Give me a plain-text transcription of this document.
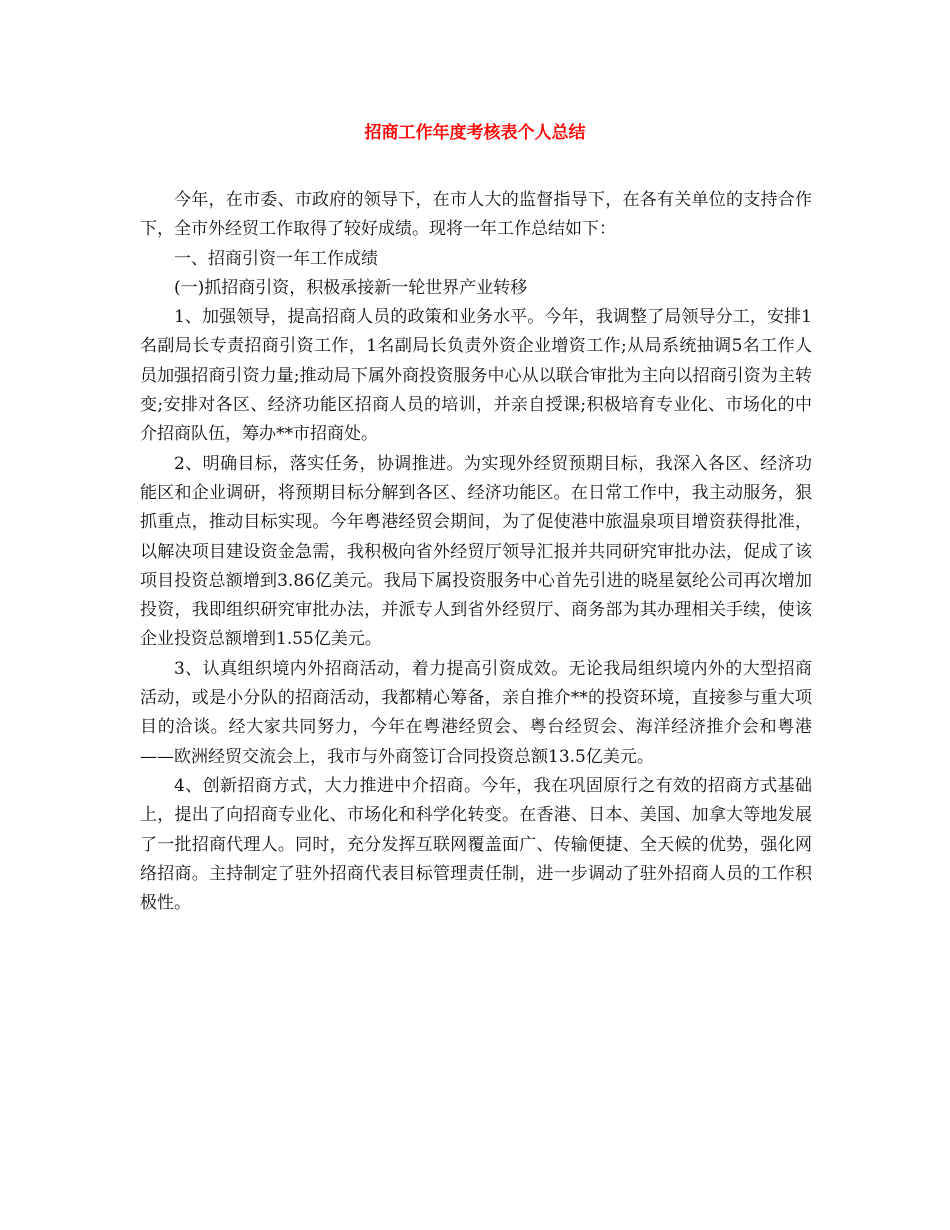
招商工作年度考核表个人总结

今年，在市委、市政府的领导下，在市人大的监督指导下，在各有关单位的支持合作下，全市外经贸工作取得了较好成绩。现将一年工作总结如下：

一、招商引资一年工作成绩

(一)抓招商引资，积极承接新一轮世界产业转移

1、加强领导，提高招商人员的政策和业务水平。今年，我调整了局领导分工，安排1名副局长专责招商引资工作，1名副局长负责外资企业增资工作;从局系统抽调5名工作人员加强招商引资力量;推动局下属外商投资服务中心从以联合审批为主向以招商引资为主转变;安排对各区、经济功能区招商人员的培训，并亲自授课;积极培育专业化、市场化的中介招商队伍，筹办**市招商处。

2、明确目标，落实任务，协调推进。为实现外经贸预期目标，我深入各区、经济功能区和企业调研，将预期目标分解到各区、经济功能区。在日常工作中，我主动服务，狠抓重点，推动目标实现。今年粤港经贸会期间，为了促使港中旅温泉项目增资获得批准，以解决项目建设资金急需，我积极向省外经贸厅领导汇报并共同研究审批办法，促成了该项目投资总额增到3.86亿美元。我局下属投资服务中心首先引进的晓星氨纶公司再次增加投资，我即组织研究审批办法，并派专人到省外经贸厅、商务部为其办理相关手续，使该企业投资总额增到1.55亿美元。

3、认真组织境内外招商活动，着力提高引资成效。无论我局组织境内外的大型招商活动，或是小分队的招商活动，我都精心筹备，亲自推介**的投资环境，直接参与重大项目的洽谈。经大家共同努力，今年在粤港经贸会、粤台经贸会、海洋经济推介会和粤港——欧洲经贸交流会上，我市与外商签订合同投资总额13.5亿美元。

4、创新招商方式，大力推进中介招商。今年，我在巩固原行之有效的招商方式基础上，提出了向招商专业化、市场化和科学化转变。在香港、日本、美国、加拿大等地发展了一批招商代理人。同时，充分发挥互联网覆盖面广、传输便捷、全天候的优势，强化网络招商。主持制定了驻外招商代表目标管理责任制，进一步调动了驻外招商人员的工作积极性。
